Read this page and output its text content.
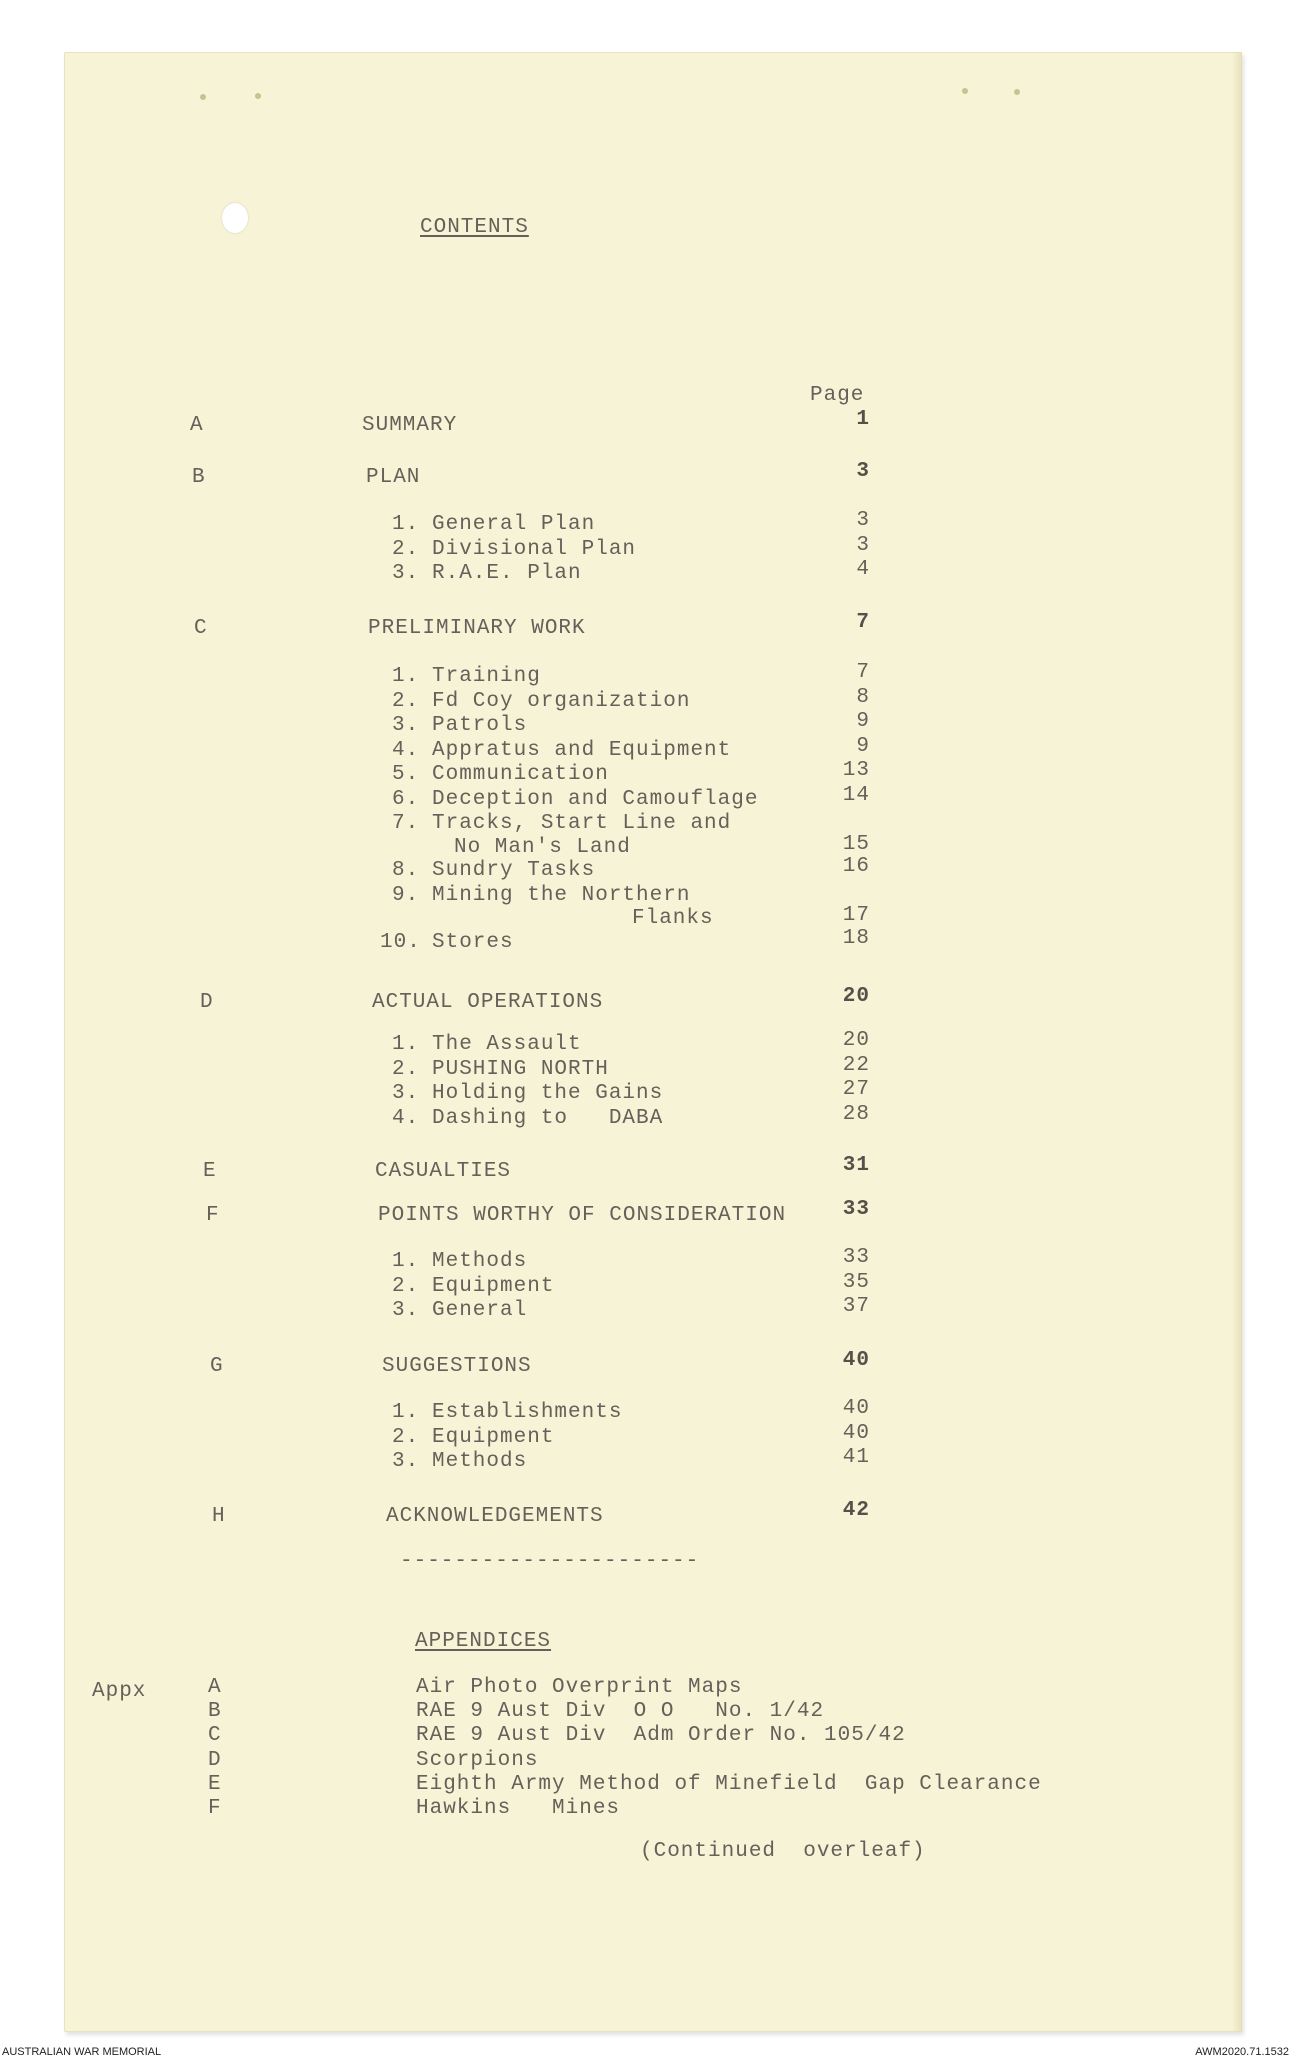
CONTENTS
Page
A	SUMMARY	1
B	PLAN	3
1. General Plan	3
2. Divisional Plan	3
3. R.A.E. Plan	4
C	PRELIMINARY WORK	7
1. Training	7
2. Fd Coy organization	8
3. Patrols	9
4. Appratus and Equipment	9
5. Communication	13
6. Deception and Camouflage	14
7. Tracks, Start Line and
No Man's Land	15
8. Sundry Tasks	16
9. Mining the Northern
Flanks	17
10. Stores	18
D	ACTUAL OPERATIONS	20
1. The Assault	20
2. PUSHING NORTH	22
3. Holding the Gains	27
4. Dashing to   DABA	28
E	CASUALTIES	31
F	POINTS WORTHY OF CONSIDERATION	33
1. Methods	33
2. Equipment	35
3. General	37
G	SUGGESTIONS	40
1. Establishments	40
2. Equipment	40
3. Methods	41
H	ACKNOWLEDGEMENTS	42
----------------------
APPENDICES
Appx	A	Air Photo Overprint Maps
B	RAE 9 Aust Div  O O   No. 1/42
C	RAE 9 Aust Div  Adm Order No. 105/42
D	Scorpions
E	Eighth Army Method of Minefield  Gap Clearance
F	Hawkins   Mines
(Continued  overleaf)
AUSTRALIAN WAR MEMORIAL	AWM2020.71.1532
